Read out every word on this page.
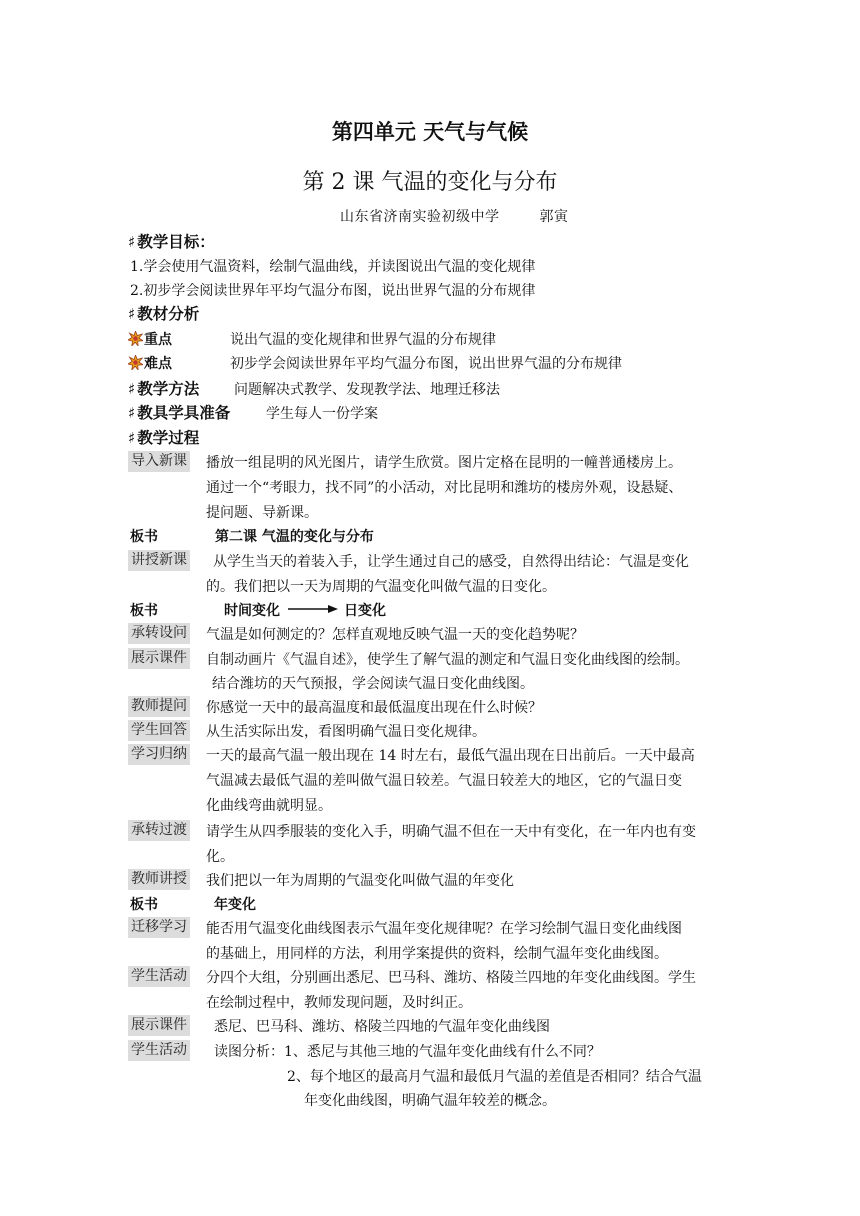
第四单元 天气与气候
第 2 课 气温的变化与分布
山东省济南实验初级中学	郭寅
♯ 教学目标：
1.学会使用气温资料，绘制气温曲线，并读图说出气温的变化规律
2.初步学会阅读世界年平均气温分布图，说出世界气温的分布规律
♯ 教材分析
重点	说出气温的变化规律和世界气温的分布规律
难点	初步学会阅读世界年平均气温分布图，说出世界气温的分布规律
♯ 教学方法 问题解决式教学、发现教学法、地理迁移法
♯ 教具学具准备	学生每人一份学案
♯ 教学过程
导入新课 播放一组昆明的风光图片，请学生欣赏。图片定格在昆明的一幢普通楼房上。
通过一个“考眼力，找不同”的小活动，对比昆明和潍坊的楼房外观，设悬疑、
提问题、导新课。
板书	第二课 气温的变化与分布
讲授新课 从学生当天的着装入手，让学生通过自己的感受，自然得出结论：气温是变化
的。我们把以一天为周期的气温变化叫做气温的日变化。
板书	时间变化	日变化
承转设问 气温是如何测定的？怎样直观地反映气温一天的变化趋势呢？
展示课件 自制动画片《气温自述》，使学生了解气温的测定和气温日变化曲线图的绘制。
结合潍坊的天气预报，学会阅读气温日变化曲线图。
教师提问 你感觉一天中的最高温度和最低温度出现在什么时候？
学生回答 从生活实际出发，看图明确气温日变化规律。
学习归纳 一天的最高气温一般出现在 14 时左右，最低气温出现在日出前后。一天中最高
气温减去最低气温的差叫做气温日较差。气温日较差大的地区，它的气温日变
化曲线弯曲就明显。
承转过渡 请学生从四季服装的变化入手，明确气温不但在一天中有变化，在一年内也有变
化。
教师讲授 我们把以一年为周期的气温变化叫做气温的年变化
板书	年变化
迁移学习 能否用气温变化曲线图表示气温年变化规律呢？在学习绘制气温日变化曲线图
的基础上，用同样的方法，利用学案提供的资料，绘制气温年变化曲线图。
学生活动 分四个大组，分别画出悉尼、巴马科、潍坊、格陵兰四地的年变化曲线图。学生
在绘制过程中，教师发现问题，及时纠正。
展示课件 悉尼、巴马科、潍坊、格陵兰四地的气温年变化曲线图
学生活动 读图分析：1、悉尼与其他三地的气温年变化曲线有什么不同？
2、每个地区的最高月气温和最低月气温的差值是否相同？结合气温
年变化曲线图，明确气温年较差的概念。
